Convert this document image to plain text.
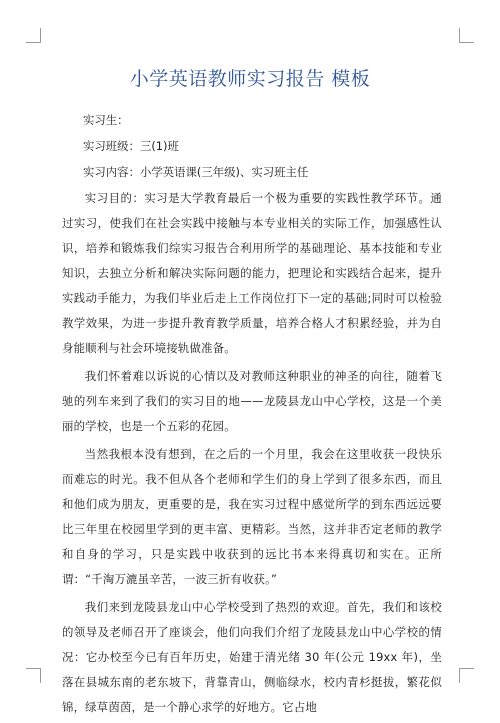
小学英语教师实习报告 模板

实习生：

实习班级：三(1)班

实习内容：小学英语课(三年级)、实习班主任

实习目的：实习是大学教育最后一个极为重要的实践性教学环节。通过实习，使我们在社会实践中接触与本专业相关的实际工作，加强感性认识，培养和锻炼我们综实习报告合利用所学的基础理论、基本技能和专业知识，去独立分析和解决实际问题的能力，把理论和实践结合起来，提升实践动手能力，为我们毕业后走上工作岗位打下一定的基础;同时可以检验教学效果，为进一步提升教育教学质量，培养合格人才积累经验，并为自身能顺利与社会环境接轨做准备。

我们怀着难以诉说的心情以及对教师这种职业的神圣的向往，随着飞驰的列车来到了我们的实习目的地——龙陵县龙山中心学校，这是一个美丽的学校，也是一个五彩的花园。

当然我根本没有想到，在之后的一个月里，我会在这里收获一段快乐而难忘的时光。我不但从各个老师和学生们的身上学到了很多东西，而且和他们成为朋友，更重要的是，我在实习过程中感觉所学的到东西远远要比三年里在校园里学到的更丰富、更精彩。当然，这并非否定老师的教学和自身的学习，只是实践中收获到的远比书本来得真切和实在。正所谓：“千淘万漉虽辛苦，一波三折有收获。”

我们来到龙陵县龙山中心学校受到了热烈的欢迎。首先，我们和该校的领导及老师召开了座谈会，他们向我们介绍了龙陵县龙山中心学校的情况：它办校至今已有百年历史，始建于清光绪 30 年(公元 19xx 年)，坐落在县城东南的老东坡下，背靠青山，侧临绿水，校内青杉挺拔，繁花似锦，绿草茵茵，是一个静心求学的好地方。它占地
